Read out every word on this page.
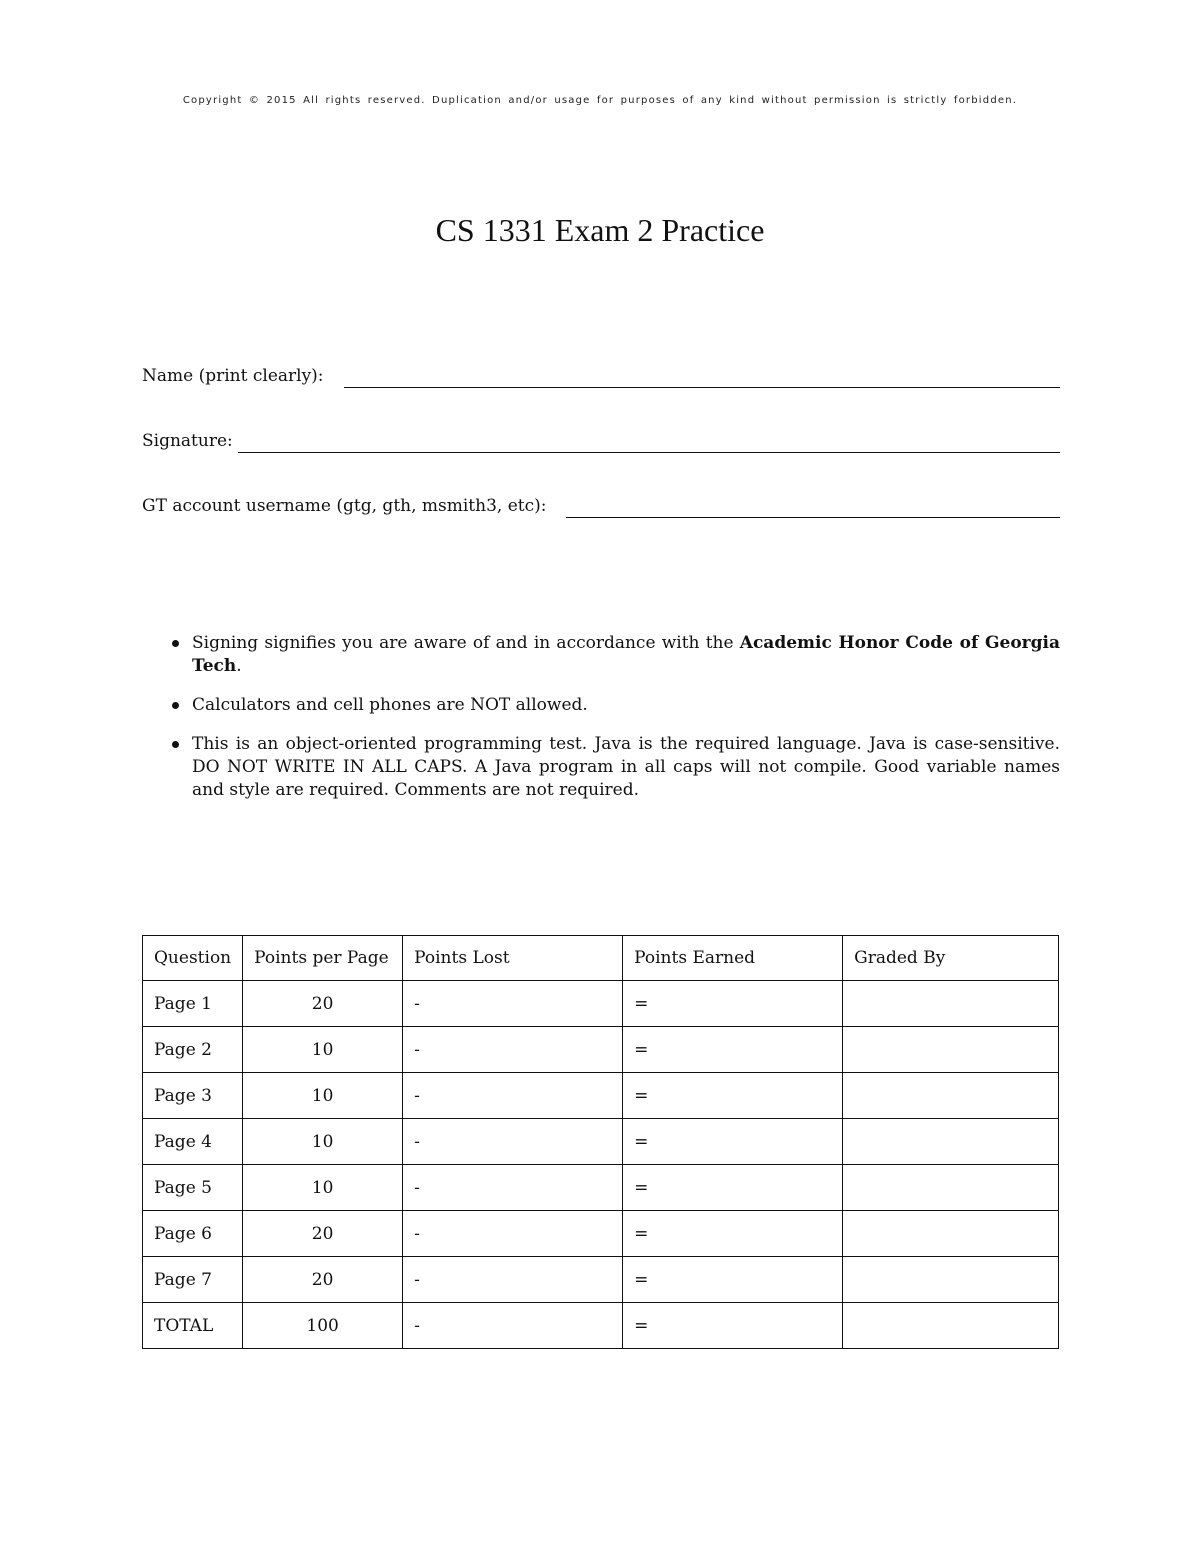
Copyright © 2015 All rights reserved. Duplication and/or usage for purposes of any kind without permission is strictly forbidden.
CS 1331 Exam 2 Practice
Name (print clearly):
Signature:
GT account username (gtg, gth, msmith3, etc):
Signing signifies you are aware of and in accordance with the Academic Honor Code of Georgia Tech.
Calculators and cell phones are NOT allowed.
This is an object-oriented programming test. Java is the required language. Java is case-sensitive. DO NOT WRITE IN ALL CAPS. A Java program in all caps will not compile. Good variable names and style are required. Comments are not required.
Question	Points per Page	Points Lost	Points Earned	Graded By
Page 1	20	-	=	
Page 2	10	-	=	
Page 3	10	-	=	
Page 4	10	-	=	
Page 5	10	-	=	
Page 6	20	-	=	
Page 7	20	-	=	
TOTAL	100	-	=	
